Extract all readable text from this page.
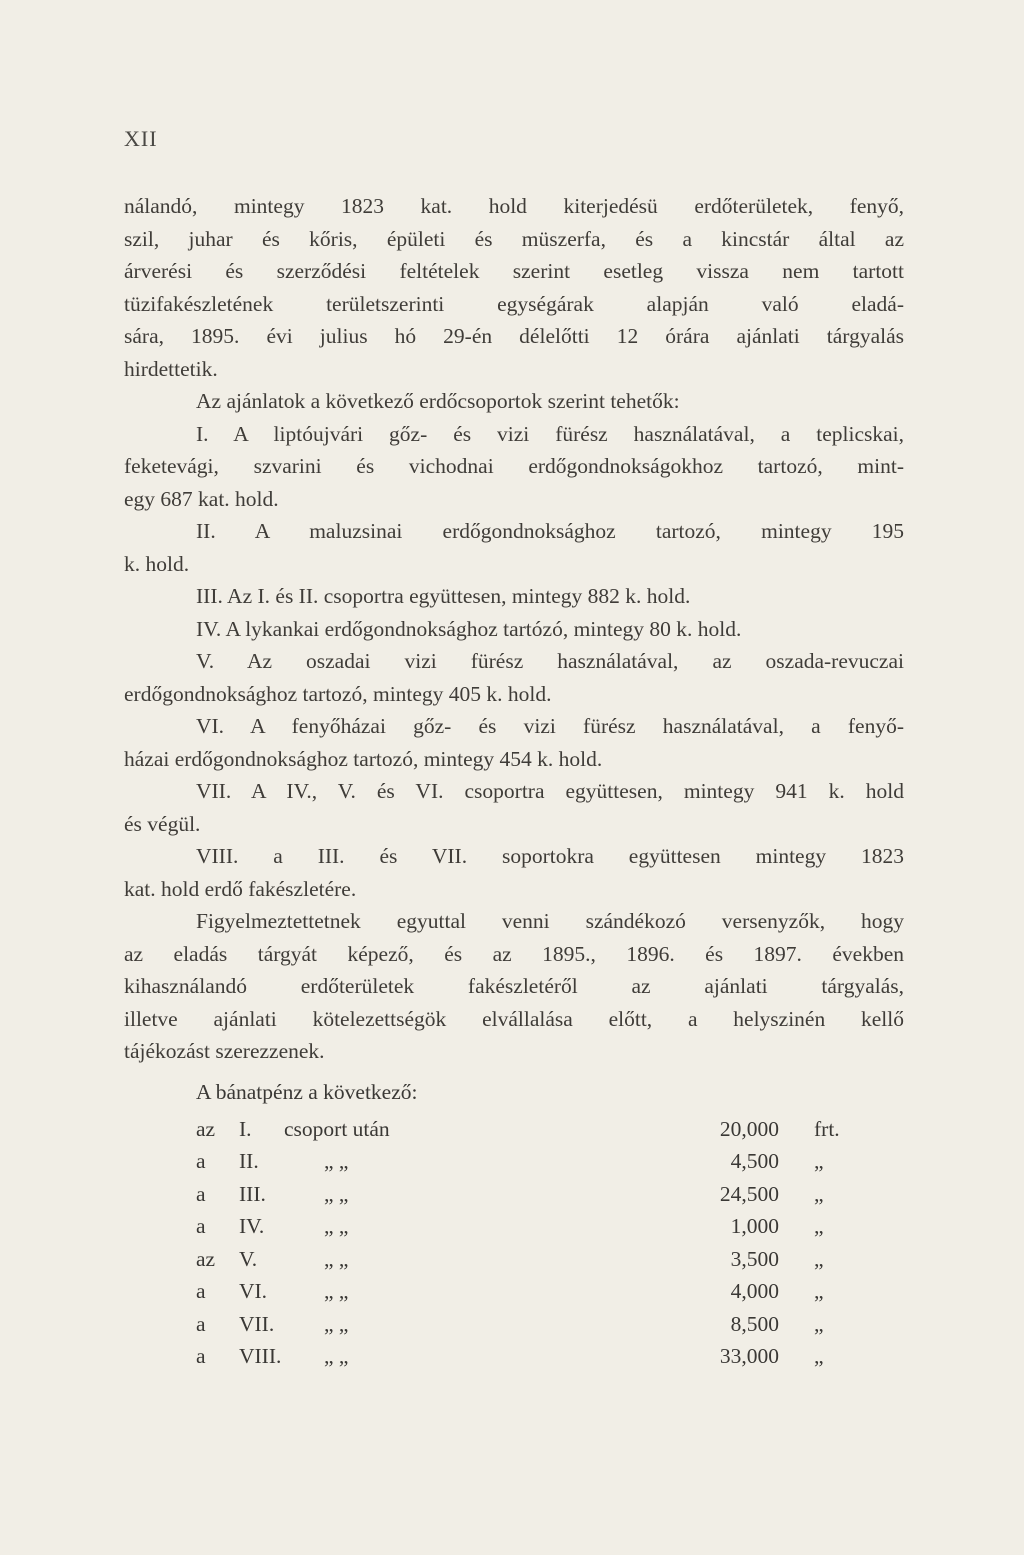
XII
nálandó, mintegy 1823 kat. hold kiterjedésü erdőterületek, fenyő,
szil, juhar és kőris, épületi és müszerfa, és a kincstár által az
árverési és szerződési feltételek szerint esetleg vissza nem tartott
tüzifakészletének területszerinti egységárak alapján való eladá-
sára, 1895. évi julius hó 29-én délelőtti 12 órára ajánlati tárgyalás
hirdettetik.
Az ajánlatok a következő erdőcsoportok szerint tehetők:
I. A liptóujvári gőz- és vizi fürész használatával, a teplicskai,
feketevági, szvarini és vichodnai erdőgondnokságokhoz tartozó, mint-
egy 687 kat. hold.
II. A maluzsinai erdőgondnoksághoz tartozó, mintegy 195
k. hold.
III. Az I. és II. csoportra együttesen, mintegy 882 k. hold.
IV. A lykankai erdőgondnoksághoz tartózó, mintegy 80 k. hold.
V. Az oszadai vizi fürész használatával, az oszada-revuczai
erdőgondnoksághoz tartozó, mintegy 405 k. hold.
VI. A fenyőházai gőz- és vizi fürész használatával, a fenyő-
házai erdőgondnoksághoz tartozó, mintegy 454 k. hold.
VII. A IV., V. és VI. csoportra együttesen, mintegy 941 k. hold
és végül.
VIII. a III. és VII. soportokra együttesen mintegy 1823
kat. hold erdő fakészletére.
Figyelmeztettetnek egyuttal venni szándékozó versenyzők, hogy
az eladás tárgyát képező, és az 1895., 1896. és 1897. években
kihasználandó erdőterületek fakészletéről az ajánlati tárgyalás,
illetve ajánlati kötelezettségök elvállalása előtt, a helyszinén kellő
tájékozást szerezzenek.
A bánatpénz a következő:
az I. csoport után	20,000 frt.
a II.	„ „	4,500 „
a III.	„ „	24,500 „
a IV.	„ „	1,000 „
az V.	„ „	3,500 „
a VI.	„ „	4,000 „
a VII. „ „	8,500 „
a VIII. „ „	33,000 „
